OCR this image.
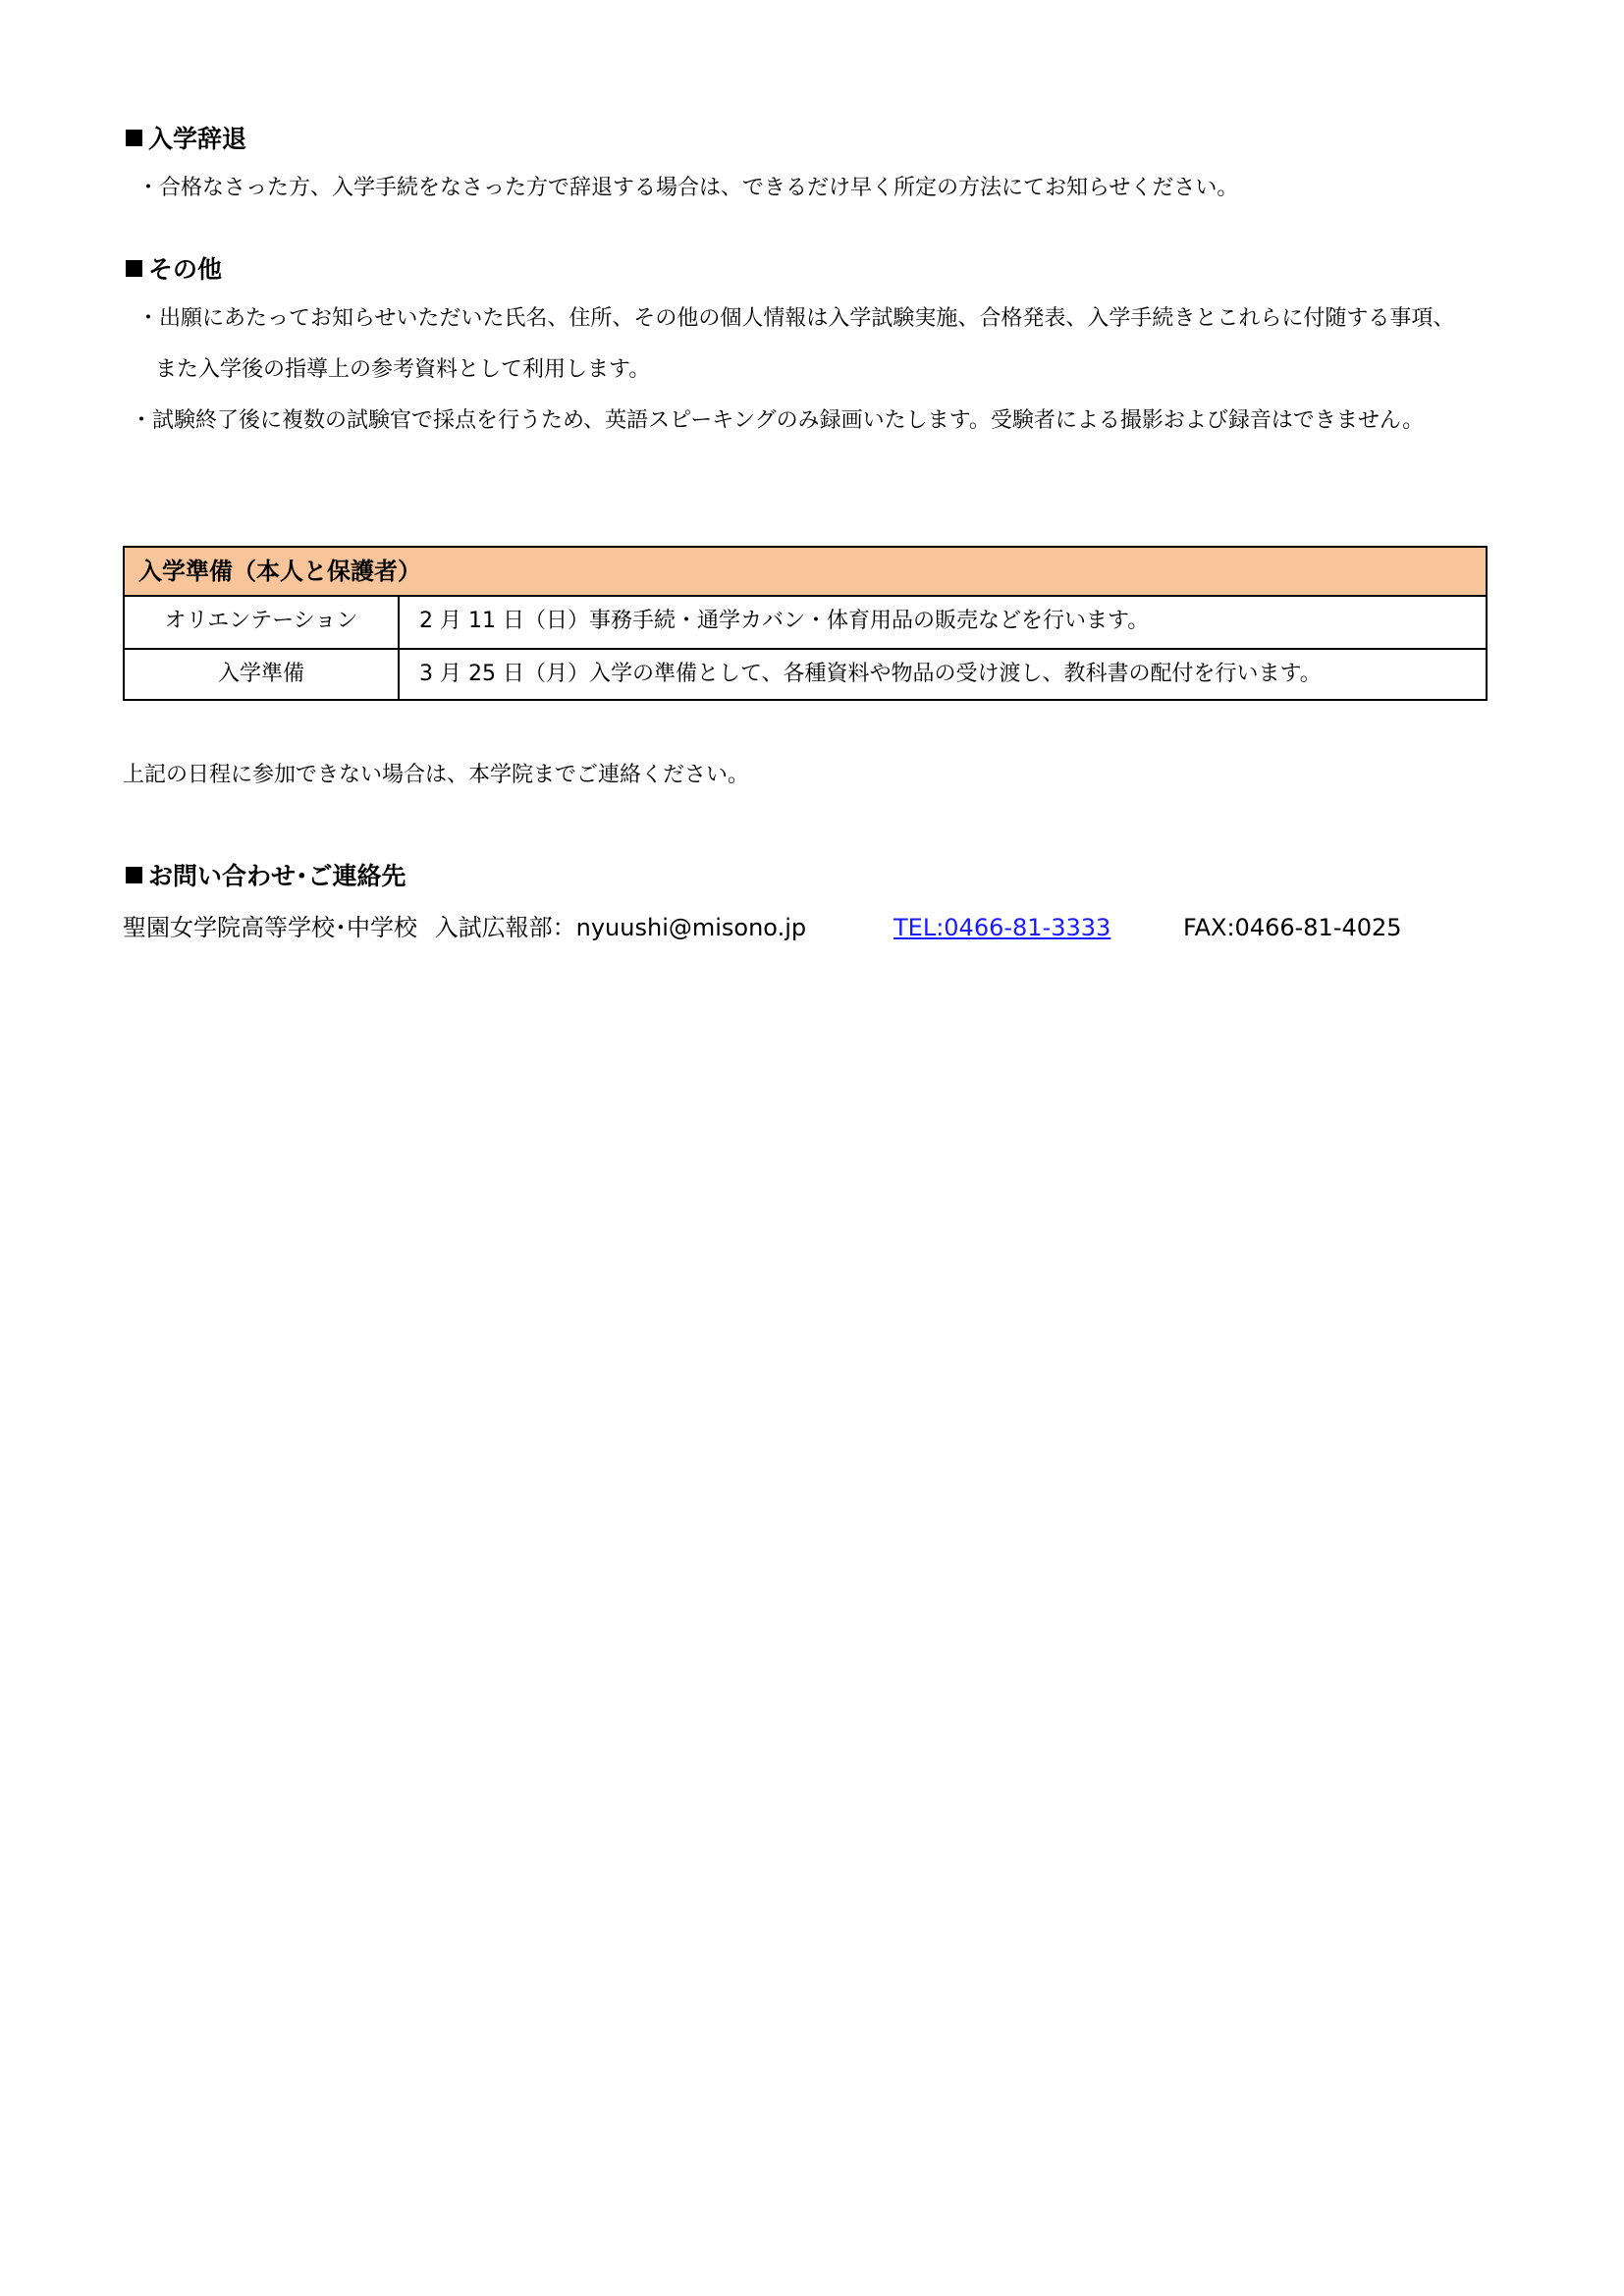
入学辞退
・合格なさった方、入学手続をなさった方で辞退する場合は、できるだけ早く所定の方法にてお知らせください。
その他
・出願にあたってお知らせいただいた氏名、住所、その他の個人情報は入学試験実施、合格発表、入学手続きとこれらに付随する事項、
また入学後の指導上の参考資料として利用します。
・試験終了後に複数の試験官で採点を行うため、英語スピーキングのみ録画いたします。受験者による撮影および録音はできません。
入学準備（本人と保護者）
オリエンテーション	2 月 11 日（日）事務手続・通学カバン・体育用品の販売などを行います。
入学準備	3 月 25 日（月）入学の準備として、各種資料や物品の受け渡し、教科書の配付を行います。
上記の日程に参加できない場合は、本学院までご連絡ください。
お問い合わせ･ご連絡先
聖園女学院高等学校･中学校 入試広報部：nyuushi@misono.jp	TEL:0466-81-3333	FAX:0466-81-4025
